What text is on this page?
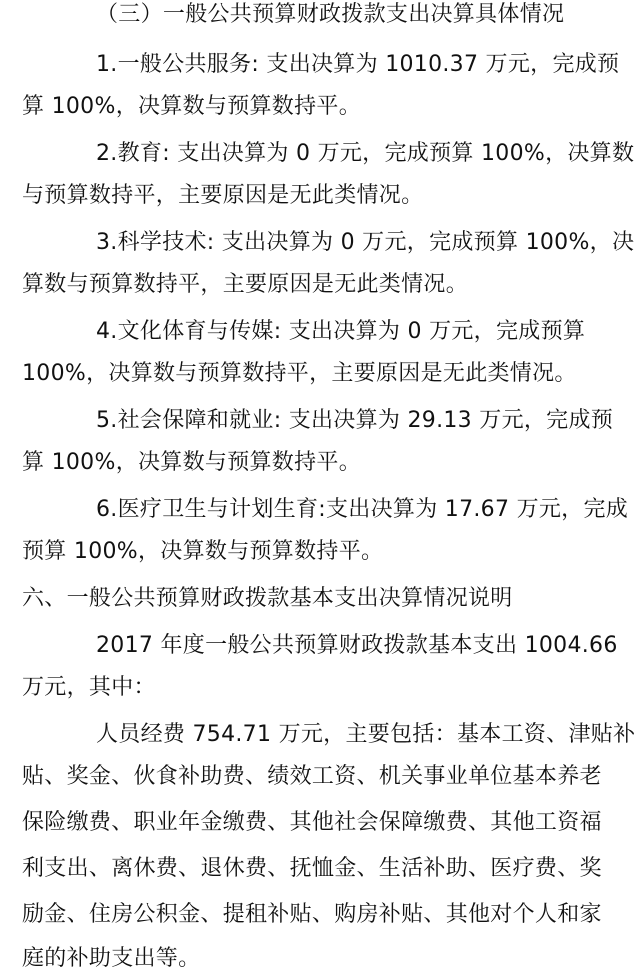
（三）一般公共预算财政拨款支出决算具体情况
1.一般公共服务: 支出决算为 1010.37 万元，完成预
算 100%，决算数与预算数持平。
2.教育: 支出决算为 0 万元，完成预算 100%，决算数
与预算数持平，主要原因是无此类情况。
3.科学技术: 支出决算为 0 万元，完成预算 100%，决
算数与预算数持平，主要原因是无此类情况。
4.文化体育与传媒: 支出决算为 0 万元，完成预算
100%，决算数与预算数持平，主要原因是无此类情况。
5.社会保障和就业: 支出决算为 29.13 万元，完成预
算 100%，决算数与预算数持平。
6.医疗卫生与计划生育:支出决算为 17.67 万元，完成
预算 100%，决算数与预算数持平。
六、一般公共预算财政拨款基本支出决算情况说明
2017 年度一般公共预算财政拨款基本支出 1004.66
万元，其中：
人员经费 754.71 万元，主要包括：基本工资、津贴补
贴、奖金、伙食补助费、绩效工资、机关事业单位基本养老
保险缴费、职业年金缴费、其他社会保障缴费、其他工资福
利支出、离休费、退休费、抚恤金、生活补助、医疗费、奖
励金、住房公积金、提租补贴、购房补贴、其他对个人和家
庭的补助支出等。
